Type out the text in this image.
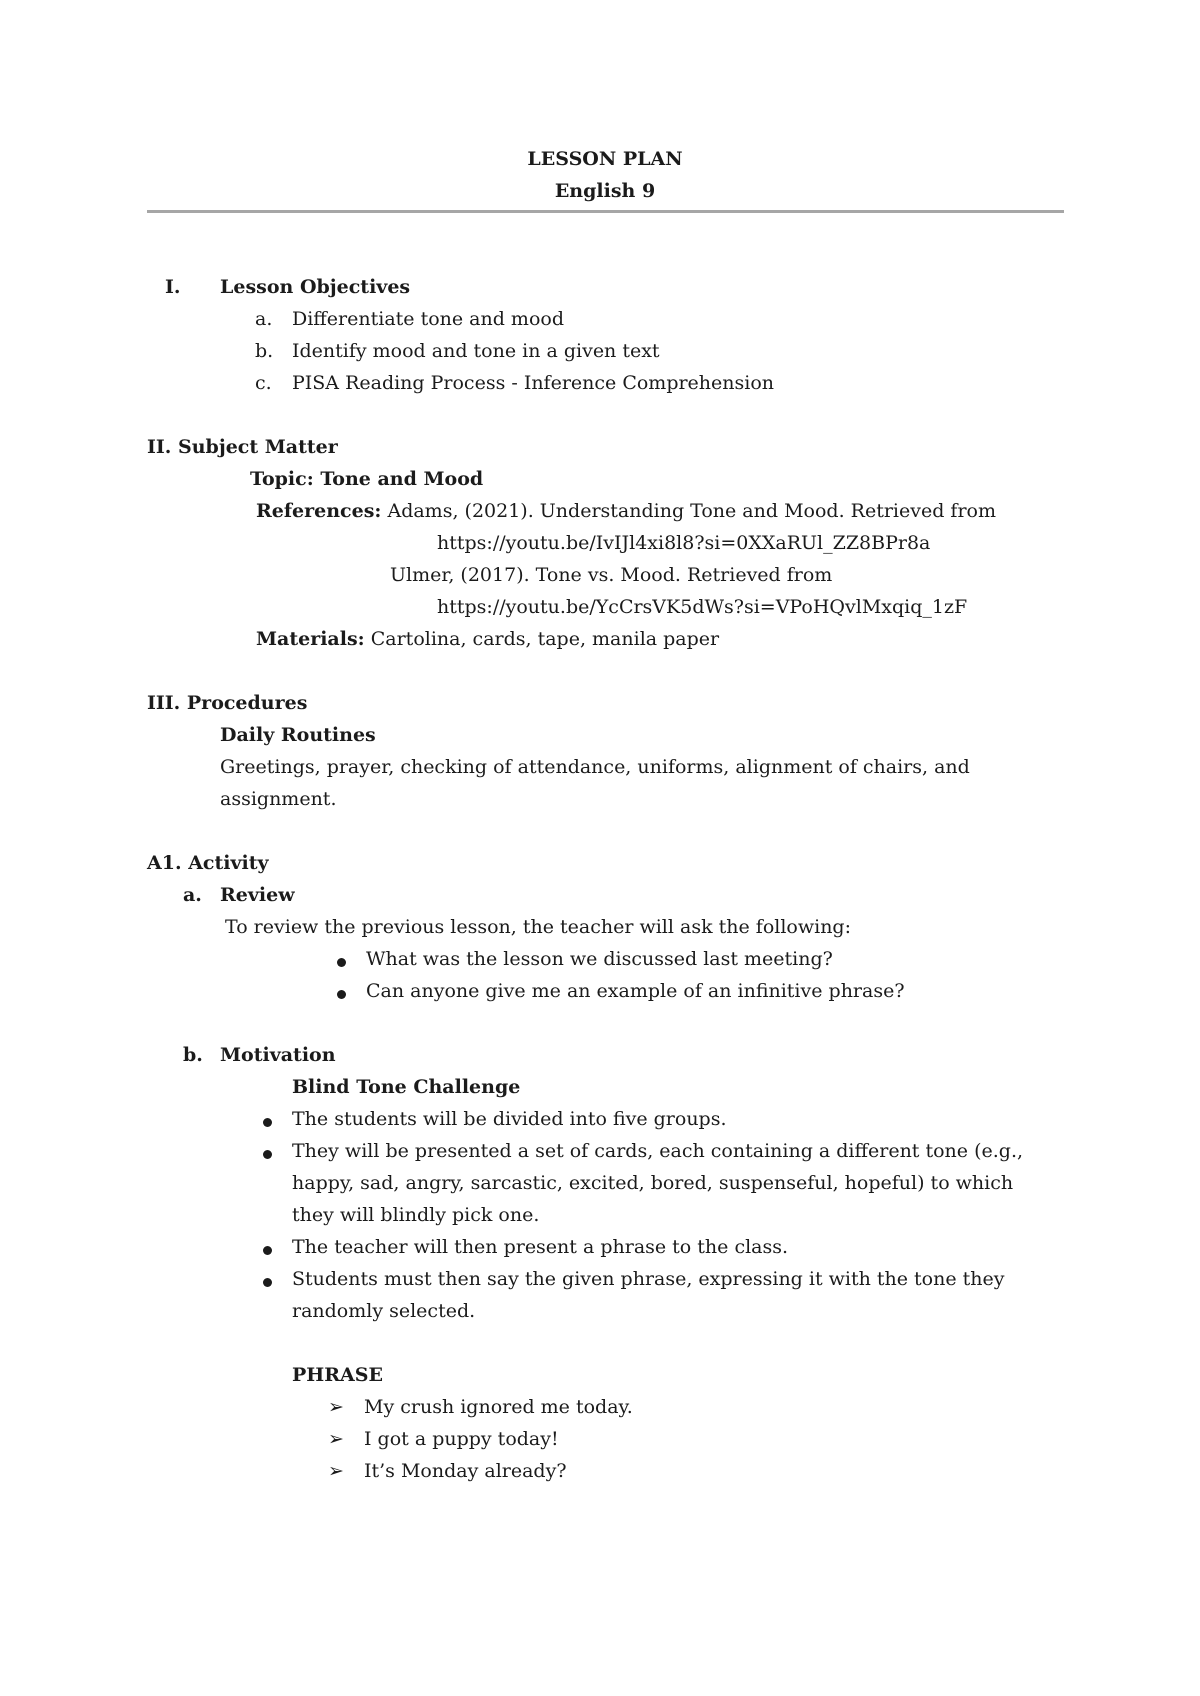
LESSON PLAN
English 9
I. Lesson Objectives
a. Differentiate tone and mood
b. Identify mood and tone in a given text
c. PISA Reading Process - Inference Comprehension
II. Subject Matter
Topic: Tone and Mood
References: Adams, (2021). Understanding Tone and Mood. Retrieved from
https://youtu.be/IvIJl4xi8l8?si=0XXaRUl_ZZ8BPr8a
Ulmer, (2017). Tone vs. Mood. Retrieved from
https://youtu.be/YcCrsVK5dWs?si=VPoHQvlMxqiq_1zF
Materials: Cartolina, cards, tape, manila paper
III. Procedures
Daily Routines
Greetings, prayer, checking of attendance, uniforms, alignment of chairs, and
assignment.
A1. Activity
a. Review
To review the previous lesson, the teacher will ask the following:
What was the lesson we discussed last meeting?
Can anyone give me an example of an infinitive phrase?
b. Motivation
Blind Tone Challenge
The students will be divided into five groups.
They will be presented a set of cards, each containing a different tone (e.g.,
happy, sad, angry, sarcastic, excited, bored, suspenseful, hopeful) to which
they will blindly pick one.
The teacher will then present a phrase to the class.
Students must then say the given phrase, expressing it with the tone they
randomly selected.
PHRASE
➢ My crush ignored me today.
➢ I got a puppy today!
➢ It’s Monday already?
